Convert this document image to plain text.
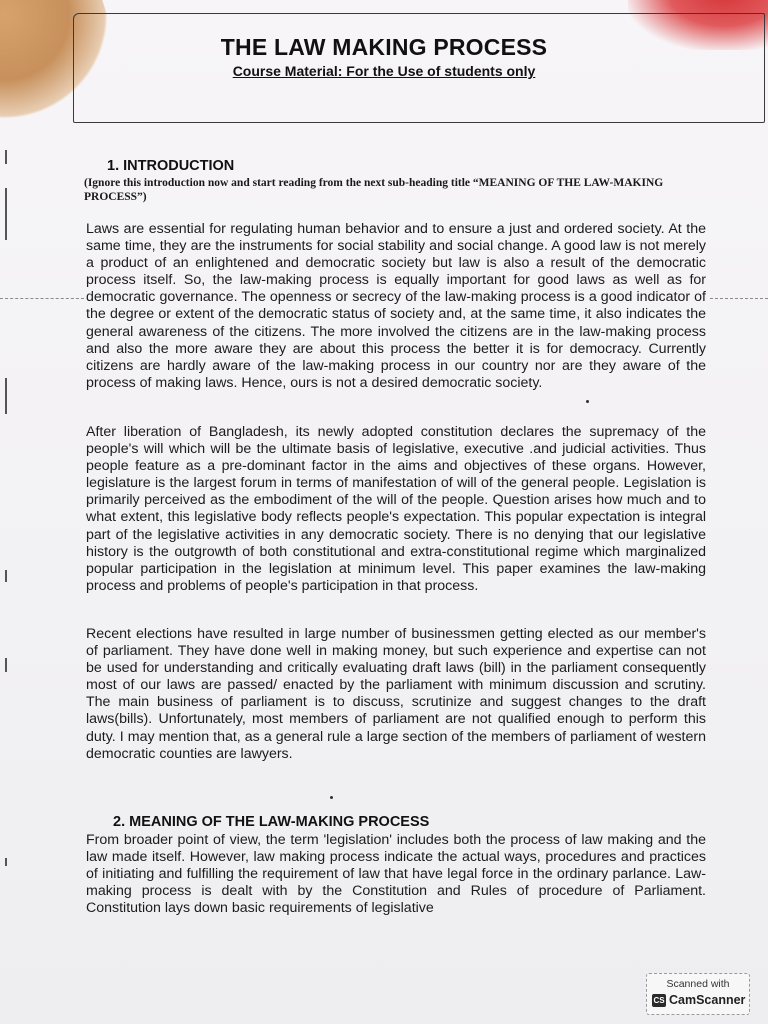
THE LAW MAKING PROCESS
Course Material: For the Use of students only
1. INTRODUCTION
(Ignore this introduction now and start reading from the next sub-heading title “MEANING OF THE LAW-MAKING PROCESS”)

Laws are essential for regulating human behavior and to ensure a just and ordered society. At the same time, they are the instruments for social stability and social change. A good law is not merely a product of an enlightened and democratic society but law is also a result of the democratic process itself. So, the law-making process is equally important for good laws as well as for democratic governance. The openness or secrecy of the law-making process is a good indicator of the degree or extent of the democratic status of society and, at the same time, it also indicates the general awareness of the citizens. The more involved the citizens are in the law-making process and also the more aware they are about this process the better it is for democracy. Currently citizens are hardly aware of the law-making process in our country nor are they aware of the process of making laws. Hence, ours is not a desired democratic society.

After liberation of Bangladesh, its newly adopted constitution declares the supremacy of the people's will which will be the ultimate basis of legislative, executive .and judicial activities. Thus people feature as a pre-dominant factor in the aims and objectives of these organs. However, legislature is the largest forum in terms of manifestation of will of the general people. Legislation is primarily perceived as the embodiment of the will of the people. Question arises how much and to what extent, this legislative body reflects people's expectation. This popular expectation is integral part of the legislative activities in any democratic society. There is no denying that our legislative history is the outgrowth of both constitutional and extra-constitutional regime which marginalized popular participation in the legislation at minimum level. This paper examines the law-making process and problems of people's participation in that process.

Recent elections have resulted in large number of businessmen getting elected as our member's of parliament. They have done well in making money, but such experience and expertise can not be used for understanding and critically evaluating draft laws (bill) in the parliament consequently most of our laws are passed/ enacted by the parliament with minimum discussion and scrutiny. The main business of parliament is to discuss, scrutinize and suggest changes to the draft laws(bills). Unfortunately, most members of parliament are not qualified enough to perform this duty. I may mention that, as a general rule a large section of the members of parliament of western democratic counties are lawyers.

2. MEANING OF THE LAW-MAKING PROCESS

From broader point of view, the term 'legislation' includes both the process of law making and the law made itself. However, law making process indicate the actual ways, procedures and practices of initiating and fulfilling the requirement of law that have legal force in the ordinary parlance. Law-making process is dealt with by the Constitution and Rules of procedure of Parliament. Constitution lays down basic requirements of legislative

Scanned with
CS CamScanner
